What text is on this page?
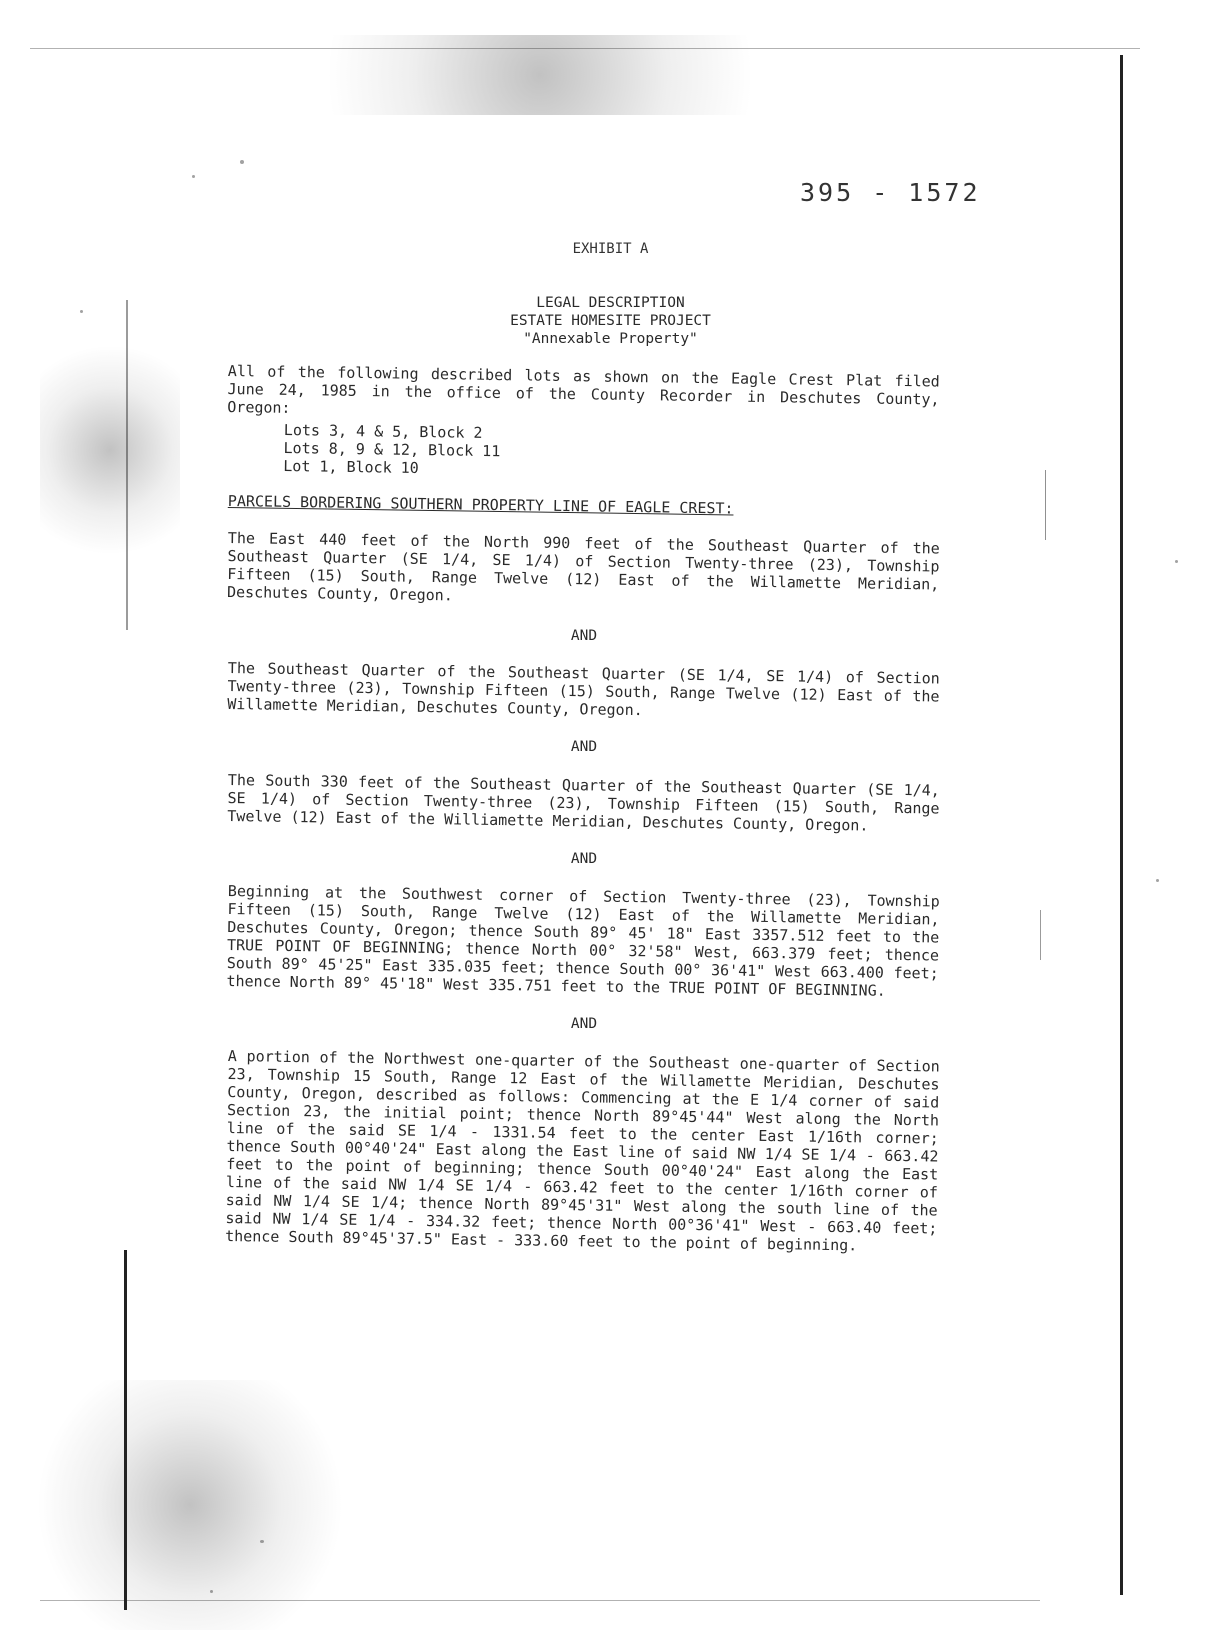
395 - 1572
EXHIBIT A
LEGAL DESCRIPTION
ESTATE HOMESITE PROJECT
"Annexable Property"
All of the following described lots as shown on the Eagle Crest Plat filed June 24, 1985 in the office of the County Recorder in Deschutes County, Oregon:
Lots 3, 4 & 5, Block 2
Lots 8, 9 & 12, Block 11
Lot 1, Block 10
PARCELS BORDERING SOUTHERN PROPERTY LINE OF EAGLE CREST:
The East 440 feet of the North 990 feet of the Southeast Quarter of the Southeast Quarter (SE 1/4, SE 1/4) of Section Twenty-three (23), Township Fifteen (15) South, Range Twelve (12) East of the Willamette Meridian, Deschutes County, Oregon.
AND
The Southeast Quarter of the Southeast Quarter (SE 1/4, SE 1/4) of Section Twenty-three (23), Township Fifteen (15) South, Range Twelve (12) East of the Willamette Meridian, Deschutes County, Oregon.
AND
The South 330 feet of the Southeast Quarter of the Southeast Quarter (SE 1/4, SE 1/4) of Section Twenty-three (23), Township Fifteen (15) South, Range Twelve (12) East of the Williamette Meridian, Deschutes County, Oregon.
AND
Beginning at the Southwest corner of Section Twenty-three (23), Township Fifteen (15) South, Range Twelve (12) East of the Willamette Meridian, Deschutes County, Oregon; thence South 89° 45' 18" East 3357.512 feet to the TRUE POINT OF BEGINNING; thence North 00° 32'58" West, 663.379 feet; thence South 89° 45'25" East 335.035 feet; thence South 00° 36'41" West 663.400 feet; thence North 89° 45'18" West 335.751 feet to the TRUE POINT OF BEGINNING.
AND
A portion of the Northwest one-quarter of the Southeast one-quarter of Section 23, Township 15 South, Range 12 East of the Willamette Meridian, Deschutes County, Oregon, described as follows: Commencing at the E 1/4 corner of said Section 23, the initial point; thence North 89°45'44" West along the North line of the said SE 1/4 - 1331.54 feet to the center East 1/16th corner; thence South 00°40'24" East along the East line of said NW 1/4 SE 1/4 - 663.42 feet to the point of beginning; thence South 00°40'24" East along the East line of the said NW 1/4 SE 1/4 - 663.42 feet to the center 1/16th corner of said NW 1/4 SE 1/4; thence North 89°45'31" West along the south line of the said NW 1/4 SE 1/4 - 334.32 feet; thence North 00°36'41" West - 663.40 feet; thence South 89°45'37.5" East - 333.60 feet to the point of beginning.
